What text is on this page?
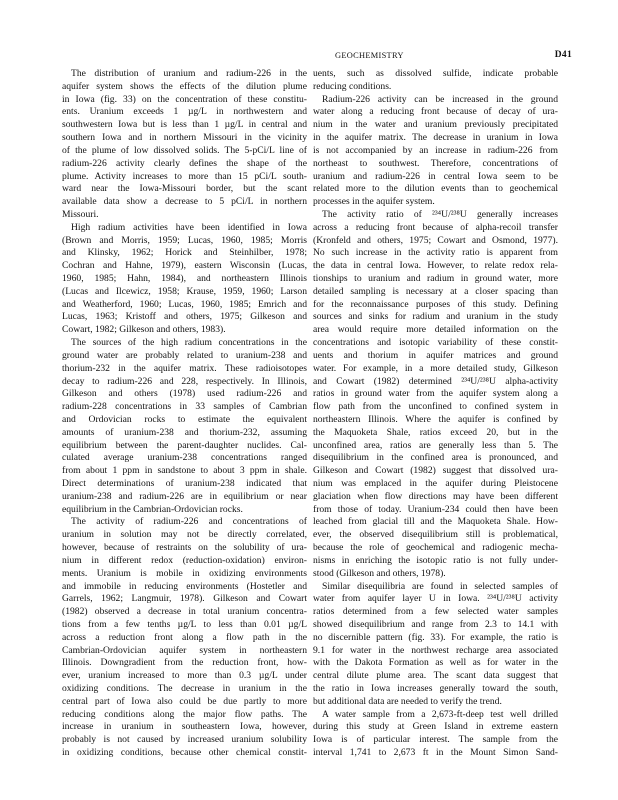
GEOCHEMISTRY	D41
The distribution of uranium and radium-226 in the
aquifer system shows the effects of the dilution plume
in Iowa (fig. 33) on the concentration of these constitu-
ents. Uranium exceeds 1 µg/L in northwestern and
southwestern Iowa but is less than 1 µg/L in central and
southern Iowa and in northern Missouri in the vicinity
of the plume of low dissolved solids. The 5-pCi/L line of
radium-226 activity clearly defines the shape of the
plume. Activity increases to more than 15 pCi/L south-
ward near the Iowa-Missouri border, but the scant
available data show a decrease to 5 pCi/L in northern
Missouri.
High radium activities have been identified in Iowa
(Brown and Morris, 1959; Lucas, 1960, 1985; Morris
and Klinsky, 1962; Horick and Steinhilber, 1978;
Cochran and Hahne, 1979), eastern Wisconsin (Lucas,
1960, 1985; Hahn, 1984), and northeastern Illinois
(Lucas and Ilcewicz, 1958; Krause, 1959, 1960; Larson
and Weatherford, 1960; Lucas, 1960, 1985; Emrich and
Lucas, 1963; Kristoff and others, 1975; Gilkeson and
Cowart, 1982; Gilkeson and others, 1983).
The sources of the high radium concentrations in the
ground water are probably related to uranium-238 and
thorium-232 in the aquifer matrix. These radioisotopes
decay to radium-226 and 228, respectively. In Illinois,
Gilkeson and others (1978) used radium-226 and
radium-228 concentrations in 33 samples of Cambrian
and Ordovician rocks to estimate the equivalent
amounts of uranium-238 and thorium-232, assuming
equilibrium between the parent-daughter nuclides. Cal-
culated average uranium-238 concentrations ranged
from about 1 ppm in sandstone to about 3 ppm in shale.
Direct determinations of uranium-238 indicated that
uranium-238 and radium-226 are in equilibrium or near
equilibrium in the Cambrian-Ordovician rocks.
The activity of radium-226 and concentrations of
uranium in solution may not be directly correlated,
however, because of restraints on the solubility of ura-
nium in different redox (reduction-oxidation) environ-
ments. Uranium is mobile in oxidizing environments
and immobile in reducing environments (Hostetler and
Garrels, 1962; Langmuir, 1978). Gilkeson and Cowart
(1982) observed a decrease in total uranium concentra-
tions from a few tenths µg/L to less than 0.01 µg/L
across a reduction front along a flow path in the
Cambrian-Ordovician aquifer system in northeastern
Illinois. Downgradient from the reduction front, how-
ever, uranium increased to more than 0.3 µg/L under
oxidizing conditions. The decrease in uranium in the
central part of Iowa also could be due partly to more
reducing conditions along the major flow paths. The
increase in uranium in southeastern Iowa, however,
probably is not caused by increased uranium solubility
in oxidizing conditions, because other chemical constit-
uents, such as dissolved sulfide, indicate probable
reducing conditions.
Radium-226 activity can be increased in the ground
water along a reducing front because of decay of ura-
nium in the water and uranium previously precipitated
in the aquifer matrix. The decrease in uranium in Iowa
is not accompanied by an increase in radium-226 from
northeast to southwest. Therefore, concentrations of
uranium and radium-226 in central Iowa seem to be
related more to the dilution events than to geochemical
processes in the aquifer system.
The activity ratio of ²³⁴U/²³⁸U generally increases
across a reducing front because of alpha-recoil transfer
(Kronfeld and others, 1975; Cowart and Osmond, 1977).
No such increase in the activity ratio is apparent from
the data in central Iowa. However, to relate redox rela-
tionships to uranium and radium in ground water, more
detailed sampling is necessary at a closer spacing than
for the reconnaissance purposes of this study. Defining
sources and sinks for radium and uranium in the study
area would require more detailed information on the
concentrations and isotopic variability of these constit-
uents and thorium in aquifer matrices and ground
water. For example, in a more detailed study, Gilkeson
and Cowart (1982) determined ²³⁴U/²³⁸U alpha-activity
ratios in ground water from the aquifer system along a
flow path from the unconfined to confined system in
northeastern Illinois. Where the aquifer is confined by
the Maquoketa Shale, ratios exceed 20, but in the
unconfined area, ratios are generally less than 5. The
disequilibrium in the confined area is pronounced, and
Gilkeson and Cowart (1982) suggest that dissolved ura-
nium was emplaced in the aquifer during Pleistocene
glaciation when flow directions may have been different
from those of today. Uranium-234 could then have been
leached from glacial till and the Maquoketa Shale. How-
ever, the observed disequilibrium still is problematical,
because the role of geochemical and radiogenic mecha-
nisms in enriching the isotopic ratio is not fully under-
stood (Gilkeson and others, 1978).
Similar disequilibria are found in selected samples of
water from aquifer layer U in Iowa. ²³⁴U/²³⁸U activity
ratios determined from a few selected water samples
showed disequilibrium and range from 2.3 to 14.1 with
no discernible pattern (fig. 33). For example, the ratio is
9.1 for water in the northwest recharge area associated
with the Dakota Formation as well as for water in the
central dilute plume area. The scant data suggest that
the ratio in Iowa increases generally toward the south,
but additional data are needed to verify the trend.
A water sample from a 2,673-ft-deep test well drilled
during this study at Green Island in extreme eastern
Iowa is of particular interest. The sample from the
interval 1,741 to 2,673 ft in the Mount Simon Sand-
